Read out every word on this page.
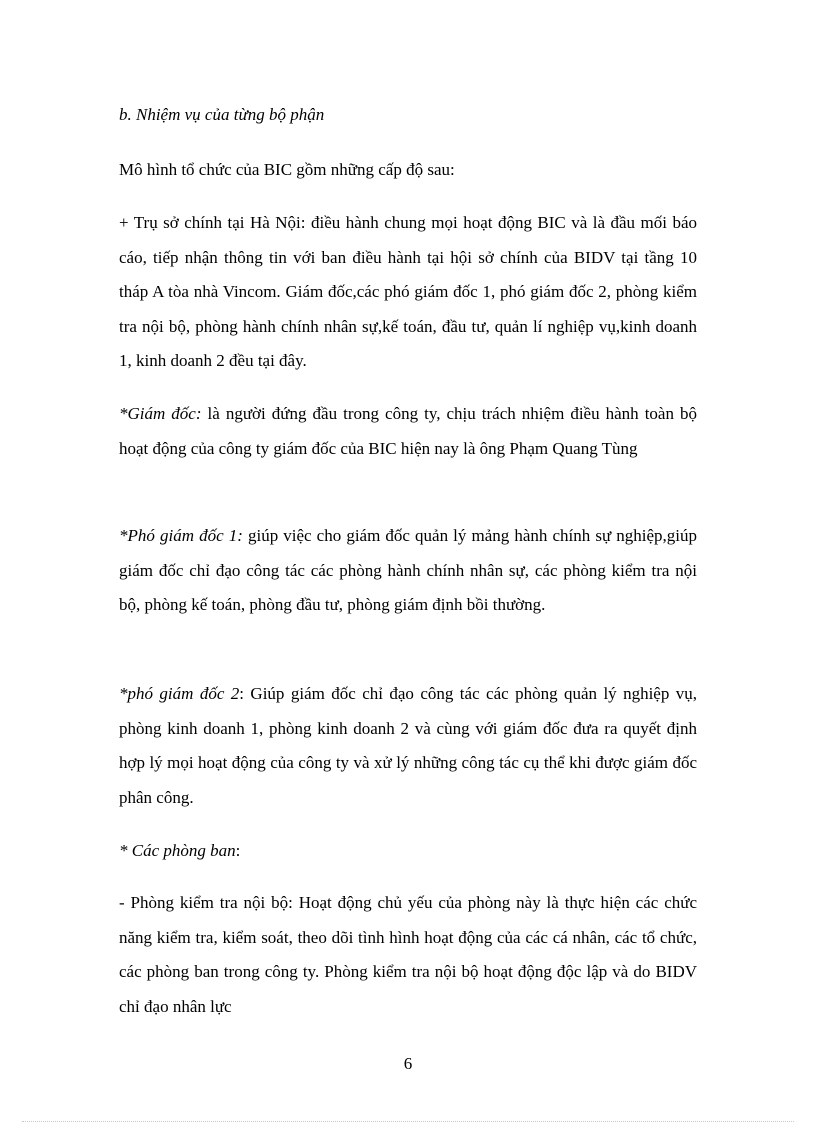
b. Nhiệm vụ của từng bộ phận
Mô hình tổ chức của BIC gồm những cấp độ sau:
+ Trụ sở chính tại Hà Nội: điều hành chung mọi hoạt động BIC và là đầu mối báo cáo, tiếp nhận thông tin với ban điều hành tại hội sở chính của BIDV tại tầng 10 tháp A tòa nhà Vincom. Giám đốc,các phó giám đốc 1, phó giám đốc 2, phòng kiểm tra nội bộ, phòng hành chính nhân sự,kế toán, đầu tư, quản lí nghiệp vụ,kinh doanh 1, kinh doanh 2 đều tại đây.
*Giám đốc: là người đứng đầu trong công ty, chịu trách nhiệm điều hành toàn bộ hoạt động của công ty giám đốc của BIC hiện nay là ông Phạm Quang Tùng
*Phó giám đốc 1: giúp việc cho giám đốc quản lý mảng hành chính sự nghiệp,giúp giám đốc chỉ đạo công tác các phòng hành chính nhân sự, các phòng kiểm tra nội bộ, phòng kế toán, phòng đầu tư, phòng giám định bồi thường.
*phó giám đốc 2: Giúp giám đốc chỉ đạo công tác các phòng quản lý nghiệp vụ, phòng kinh doanh 1, phòng kinh doanh 2 và cùng với giám đốc đưa ra quyết định hợp lý mọi hoạt động của công ty và xử lý những công tác cụ thể khi được giám đốc phân công.
* Các phòng ban:
- Phòng kiểm tra nội bộ: Hoạt động chủ yếu của phòng này là thực hiện các chức năng kiểm tra, kiểm soát, theo dõi tình hình hoạt động của các cá nhân, các tổ chức, các phòng ban trong công ty. Phòng kiểm tra nội bộ hoạt động độc lập và do BIDV chỉ đạo nhân lực
6
